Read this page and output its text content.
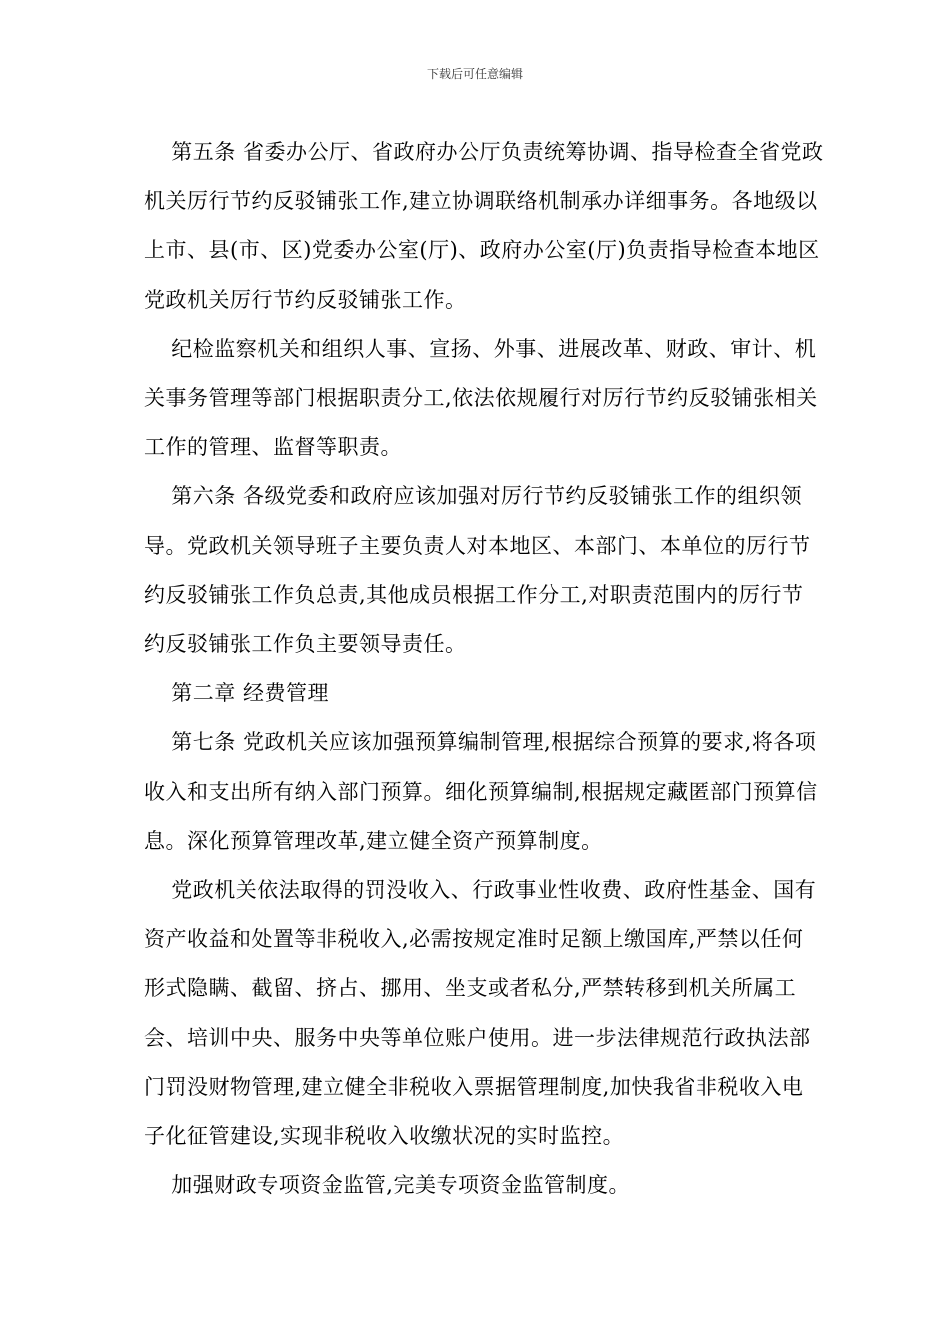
下载后可任意编辑

第五条 省委办公厅、省政府办公厅负责统筹协调、指导检查全省党政机关厉行节约反驳铺张工作,建立协调联络机制承办详细事务。各地级以上市、县(市、区)党委办公室(厅)、政府办公室(厅)负责指导检查本地区党政机关厉行节约反驳铺张工作。

纪检监察机关和组织人事、宣扬、外事、进展改革、财政、审计、机关事务管理等部门根据职责分工,依法依规履行对厉行节约反驳铺张相关工作的管理、监督等职责。

第六条 各级党委和政府应该加强对厉行节约反驳铺张工作的组织领导。党政机关领导班子主要负责人对本地区、本部门、本单位的厉行节约反驳铺张工作负总责,其他成员根据工作分工,对职责范围内的厉行节约反驳铺张工作负主要领导责任。

第二章 经费管理

第七条 党政机关应该加强预算编制管理,根据综合预算的要求,将各项收入和支出所有纳入部门预算。细化预算编制,根据规定藏匿部门预算信息。深化预算管理改革,建立健全资产预算制度。

党政机关依法取得的罚没收入、行政事业性收费、政府性基金、国有资产收益和处置等非税收入,必需按规定准时足额上缴国库,严禁以任何形式隐瞒、截留、挤占、挪用、坐支或者私分,严禁转移到机关所属工会、培训中央、服务中央等单位账户使用。进一步法律规范行政执法部门罚没财物管理,建立健全非税收入票据管理制度,加快我省非税收入电子化征管建设,实现非税收入收缴状况的实时监控。

加强财政专项资金监管,完美专项资金监管制度。
